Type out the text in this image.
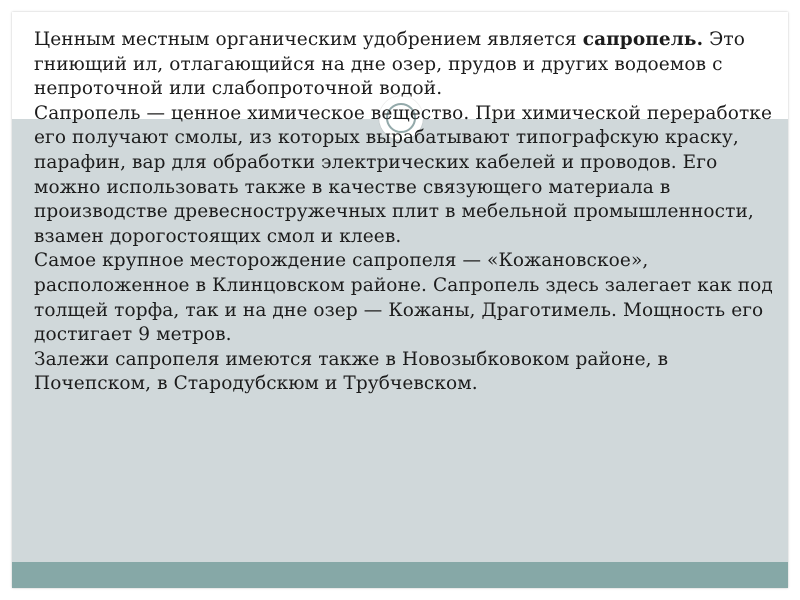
Ценным местным органическим удобрением является сапропель. Это гниющий ил, отлагающийся на дне озер, прудов и других водоемов с непроточной или слабопроточной водой.

Сапропель — ценное химическое вещество. При химической переработке его получают смолы, из которых вырабатывают типографскую краску, парафин, вар для обработки электрических кабелей и проводов. Его можно использовать также в качестве связующего материала в производстве древесностружечных плит в мебельной промышленности, взамен дорогостоящих смол и клеев.

Самое крупное месторождение сапропеля — «Кожановское», расположенное в Клинцовском районе. Сапропель здесь залегает как под толщей торфа, так и на дне озер — Кожаны, Драготимель. Мощность его достигает 9 метров.

Залежи сапропеля имеются также в Новозыбковоком районе, в Почепском, в Стародубскюм и Трубчевском.
